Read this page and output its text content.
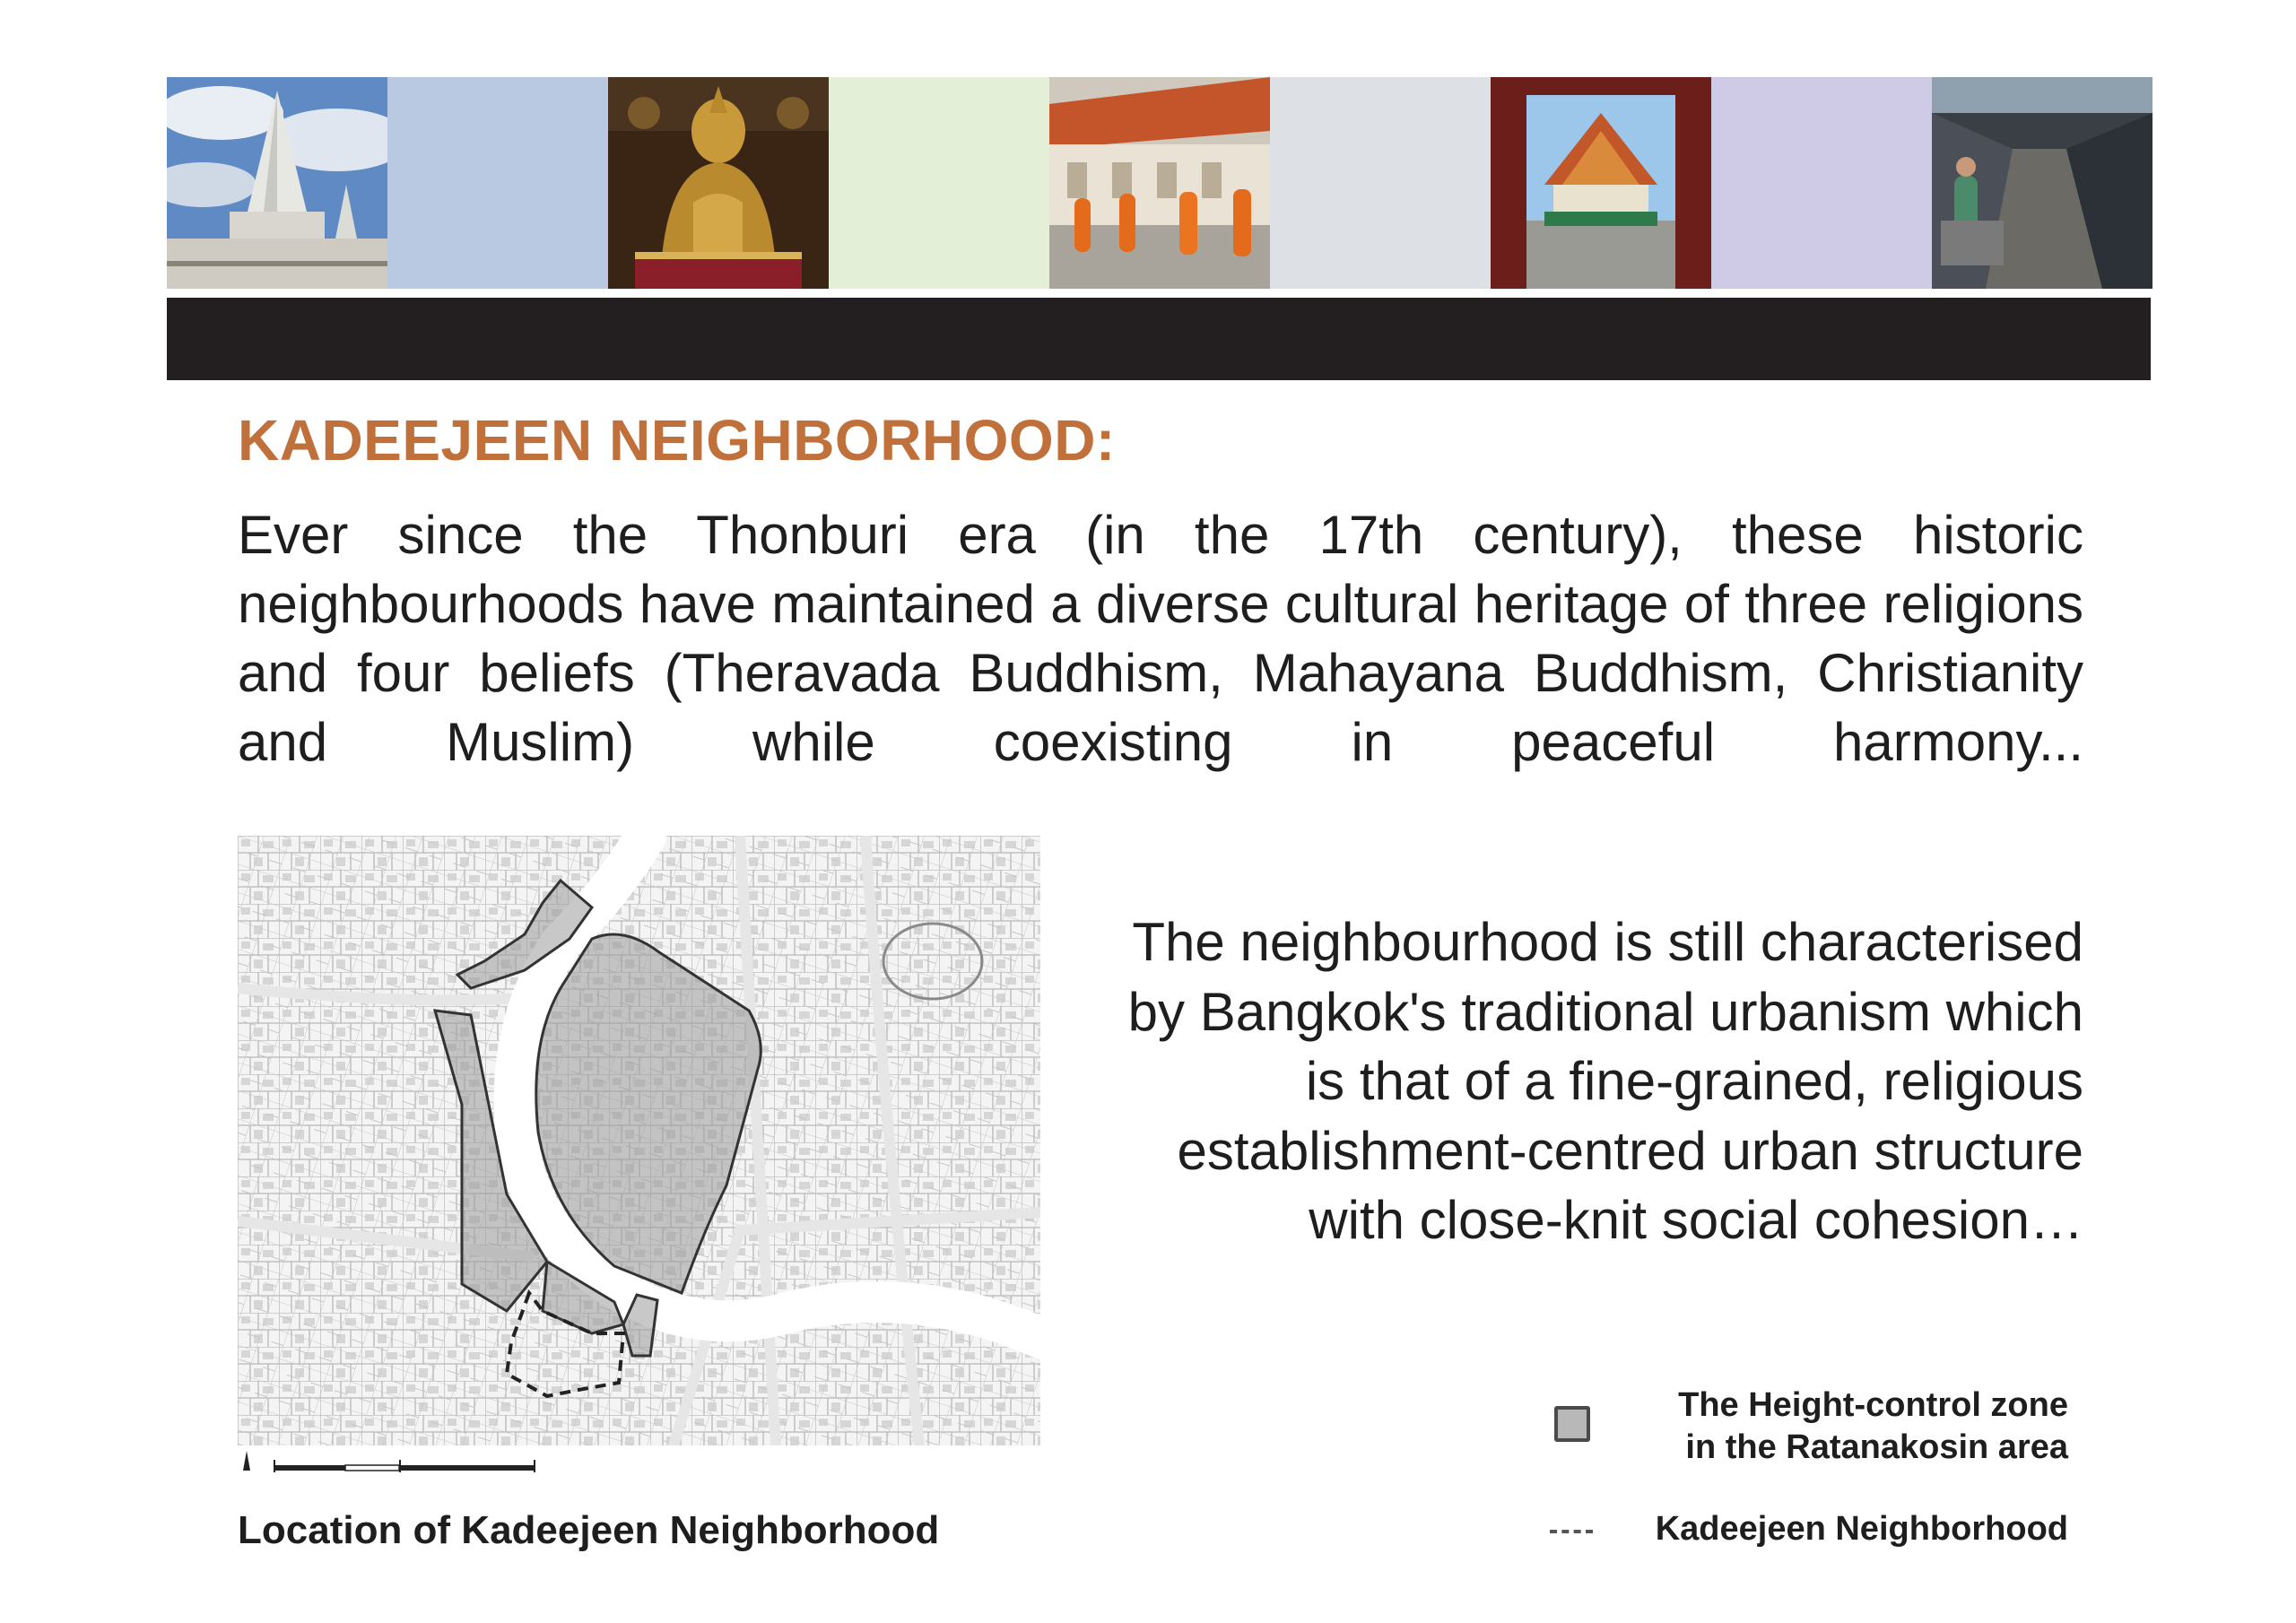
KADEEJEEN NEIGHBORHOOD:

Ever since the Thonburi era (in the 17th century), these historic neighbourhoods have maintained a diverse cultural heritage of three religions and four beliefs (Theravada Buddhism, Mahayana Buddhism, Christianity and Muslim) while coexisting in peaceful harmony...

Location of Kadeejeen Neighborhood

The neighbourhood is still characterised
by Bangkok's traditional urbanism which
is that of a fine-grained, religious
establishment-centred urban structure
with close-knit social cohesion…

The Height-control zone
in the Ratanakosin area

Kadeejeen Neighborhood
